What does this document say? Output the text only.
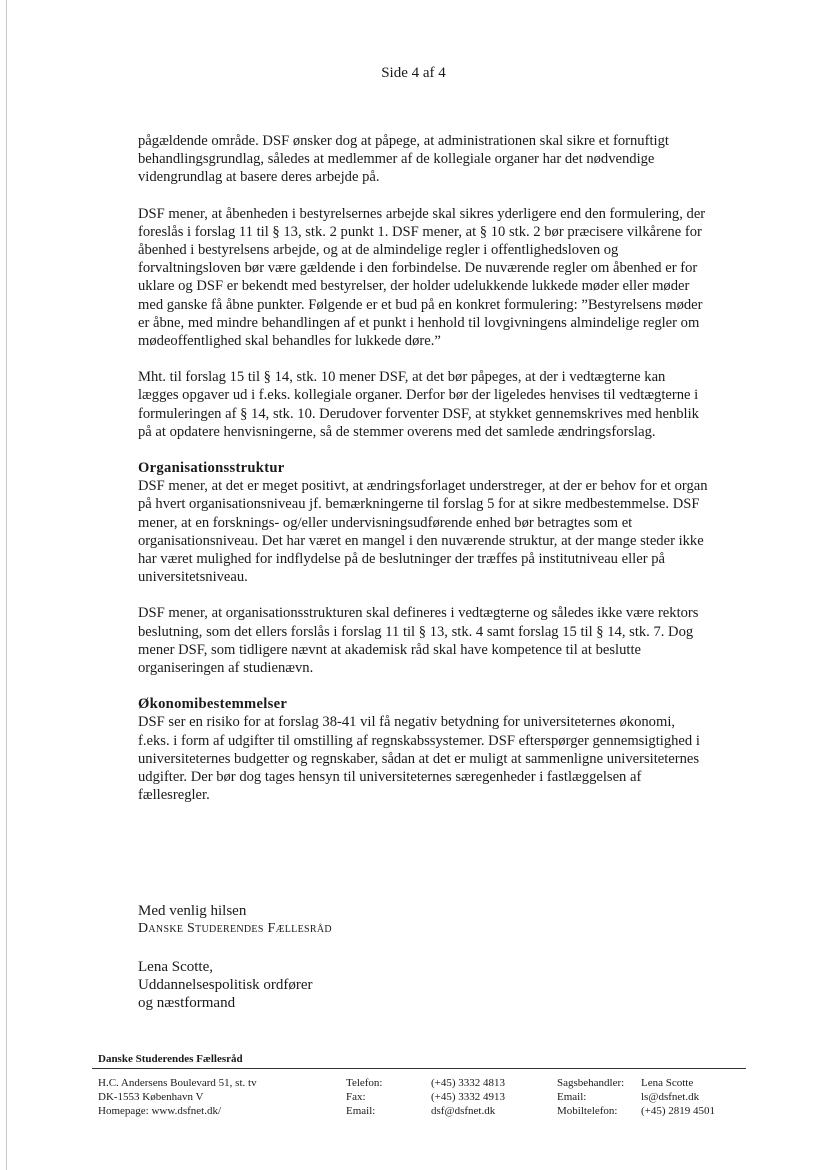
Side 4 af 4

pågældende område. DSF ønsker dog at påpege, at administrationen skal sikre et fornuftigt behandlingsgrundlag, således at medlemmer af de kollegiale organer har det nødvendige videngrundlag at basere deres arbejde på.

DSF mener, at åbenheden i bestyrelsernes arbejde skal sikres yderligere end den formulering, der foreslås i forslag 11 til § 13, stk. 2 punkt 1. DSF mener, at § 10 stk. 2 bør præcisere vilkårene for åbenhed i bestyrelsens arbejde, og at de almindelige regler i offentlighedsloven og forvaltningsloven bør være gældende i den forbindelse. De nuværende regler om åbenhed er for uklare og DSF er bekendt med bestyrelser, der holder udelukkende lukkede møder eller møder med ganske få åbne punkter. Følgende er et bud på en konkret formulering: ”Bestyrelsens møder er åbne, med mindre behandlingen af et punkt i henhold til lovgivningens almindelige regler om mødeoffentlighed skal behandles for lukkede døre.”

Mht. til forslag 15 til § 14, stk. 10 mener DSF, at det bør påpeges, at der i vedtægterne kan lægges opgaver ud i f.eks. kollegiale organer. Derfor bør der ligeledes henvises til vedtægterne i formuleringen af § 14, stk. 10. Derudover forventer DSF, at stykket gennemskrives med henblik på at opdatere henvisningerne, så de stemmer overens med det samlede ændringsforslag.

Organisationsstruktur

DSF mener, at det er meget positivt, at ændringsforlaget understreger, at der er behov for et organ på hvert organisationsniveau jf. bemærkningerne til forslag 5 for at sikre medbestemmelse. DSF mener, at en forsknings- og/eller undervisningsudførende enhed bør betragtes som et organisationsniveau. Det har været en mangel i den nuværende struktur, at der mange steder ikke har været mulighed for indflydelse på de beslutninger der træffes på institutniveau eller på universitetsniveau.

DSF mener, at organisationsstrukturen skal defineres i vedtægterne og således ikke være rektors beslutning, som det ellers forslås i forslag 11 til § 13, stk. 4 samt forslag 15 til § 14, stk. 7. Dog mener DSF, som tidligere nævnt at akademisk råd skal have kompetence til at beslutte organiseringen af studienævn.

Økonomibestemmelser

DSF ser en risiko for at forslag 38-41 vil få negativ betydning for universiteternes økonomi, f.eks. i form af udgifter til omstilling af regnskabssystemer. DSF efterspørger gennemsigtighed i universiteternes budgetter og regnskaber, sådan at det er muligt at sammenligne universiteternes udgifter. Der bør dog tages hensyn til universiteternes særegenheder i fastlæggelsen af fællesregler.

Med venlig hilsen
Danske Studerendes Fællesråd
Lena Scotte,
Uddannelsespolitisk ordfører
og næstformand
Danske Studerendes Fællesråd
H.C. Andersens Boulevard 51, st. tv
DK-1553 København V
Homepage: www.dsfnet.dk/
Telefon:
Fax:
Email:
(+45) 3332 4813
(+45) 3332 4913
dsf@dsfnet.dk
Sagsbehandler:
Email:
Mobiltelefon:
Lena Scotte
ls@dsfnet.dk
(+45) 2819 4501
